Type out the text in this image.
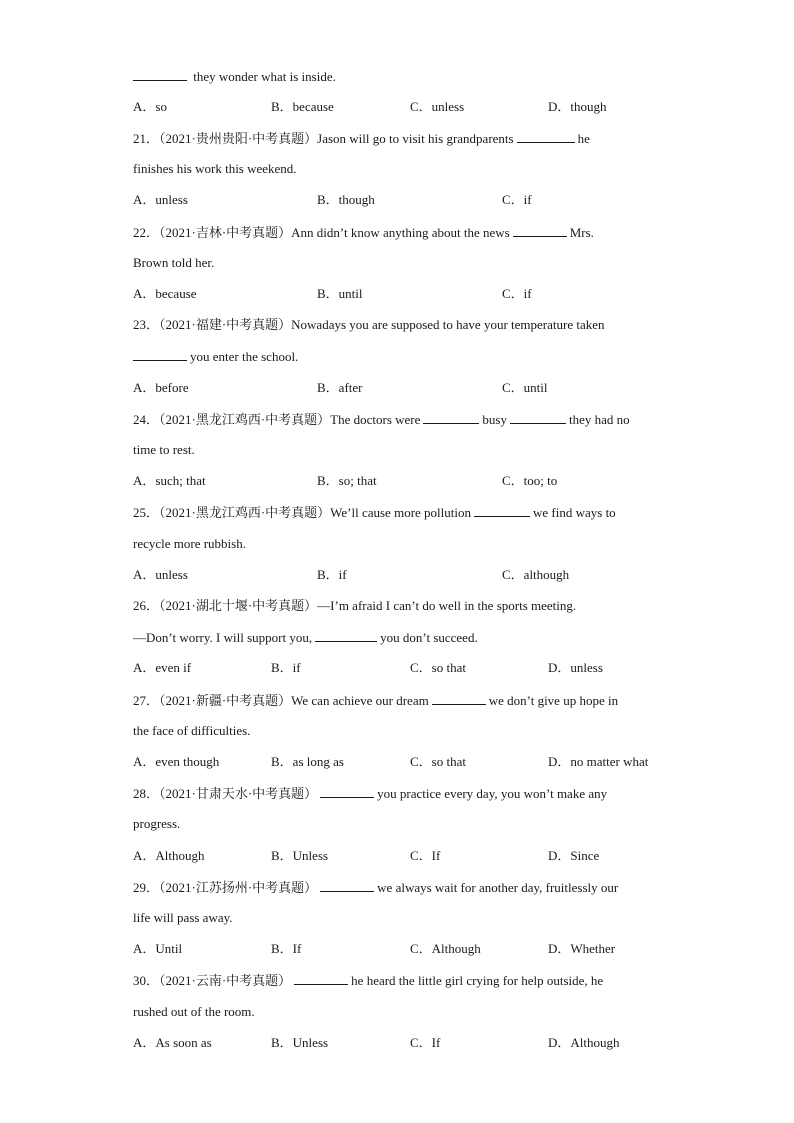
they wonder what is inside.
A．so	B．because	C．unless	D．though
21．（2021·贵州贵阳·中考真题）Jason will go to visit his grandparents	he
finishes his work this weekend.
A．unless	B．though	C．if
22．（2021·吉林·中考真题）Ann didn’t know anything about the news	Mrs.
Brown told her.
A．because	B．until	C．if
23．（2021·福建·中考真题）Nowadays you are supposed to have your temperature taken
you enter the school.
A．before	B．after	C．until
24．（2021·黑龙江鸡西·中考真题）The doctors were	busy	they had no
time to rest.
A．such; that	B．so; that	C．too; to
25．（2021·黑龙江鸡西·中考真题）We’ll cause more pollution	we find ways to
recycle more rubbish.
A．unless	B．if	C．although
26．（2021·湖北十堰·中考真题）—I’m afraid I can’t do well in the sports meeting.
—Don’t worry. I will support you,	you don’t succeed.
A．even if	B．if	C．so that	D．unless
27．（2021·新疆·中考真题）We can achieve our dream	we don’t give up hope in
the face of difficulties.
A．even though	B．as long as	C．so that	D．no matter what
28．（2021·甘肃天水·中考真题）	you practice every day, you won’t make any
progress.
A．Although	B．Unless	C．If	D．Since
29．（2021·江苏扬州·中考真题）	we always wait for another day, fruitlessly our
life will pass away.
A．Until	B．If	C．Although	D．Whether
30．（2021·云南·中考真题）	he heard the little girl crying for help outside, he
rushed out of the room.
A．As soon as	B．Unless	C．If	D．Although
